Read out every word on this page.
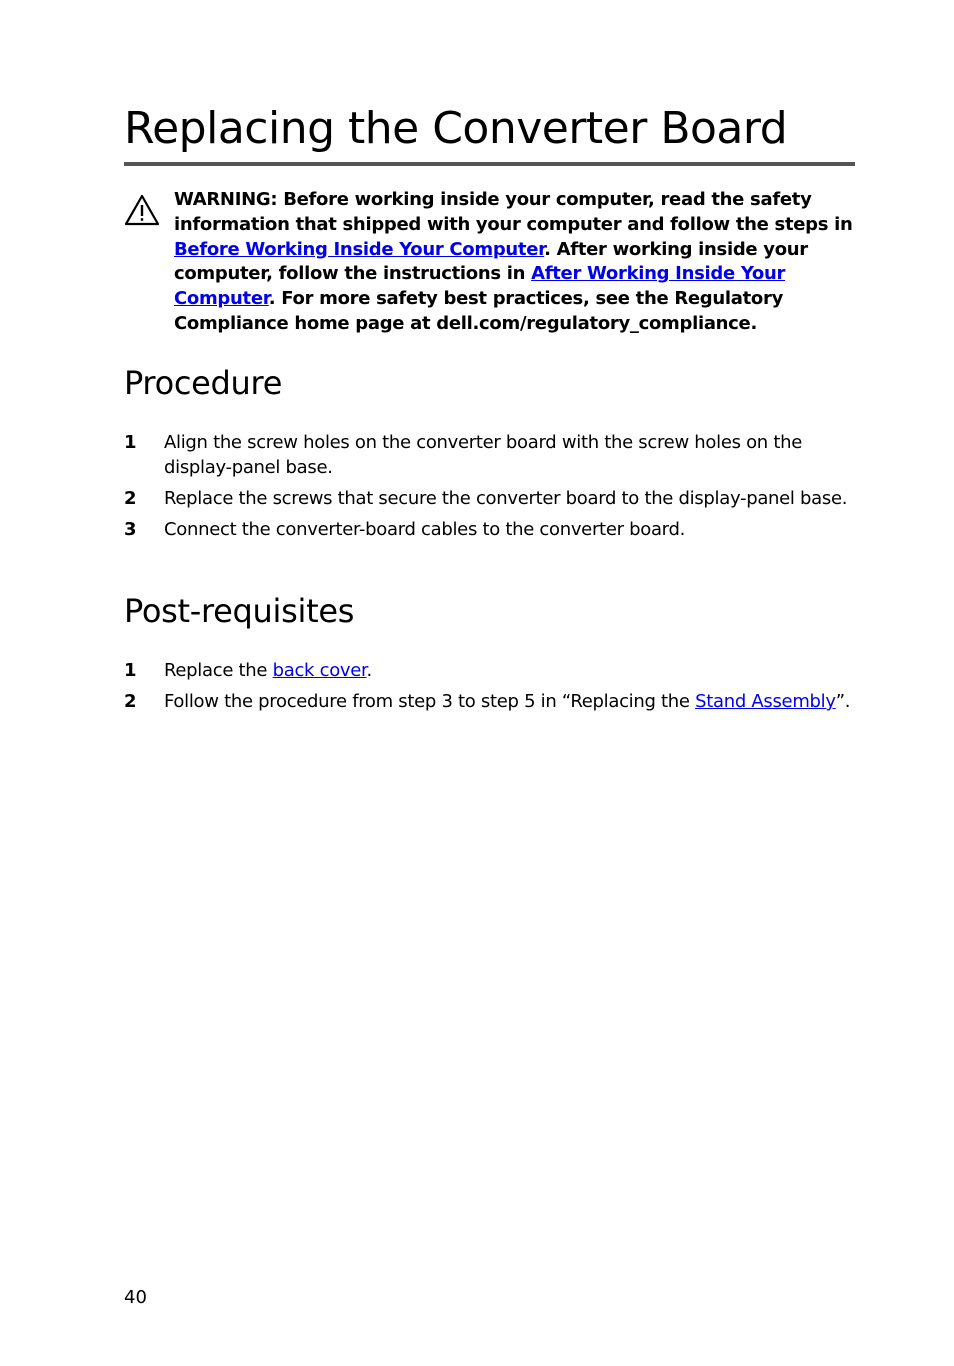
Replacing the Converter Board

WARNING: Before working inside your computer, read the safety information that shipped with your computer and follow the steps in Before Working Inside Your Computer. After working inside your computer, follow the instructions in After Working Inside Your Computer. For more safety best practices, see the Regulatory Compliance home page at dell.com/regulatory_compliance.

Procedure
1 Align the screw holes on the converter board with the screw holes on the display-panel base.
2 Replace the screws that secure the converter board to the display-panel base.
3 Connect the converter-board cables to the converter board.
Post-requisites
1 Replace the back cover.
2 Follow the procedure from step 3 to step 5 in “Replacing the Stand Assembly”.
40
